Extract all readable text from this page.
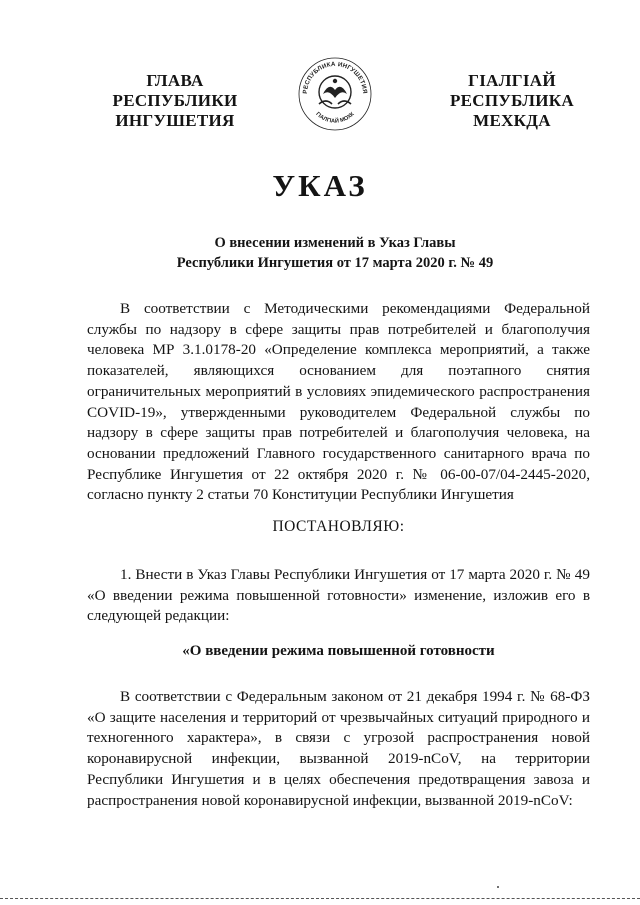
ГЛАВА
РЕСПУБЛИКИ
ИНГУШЕТИЯ
РЕСПУБЛИКА ИНГУШЕТИЯ
ГIАЛГIАЙ МОХК
ГIАЛГIАЙ
РЕСПУБЛИКА
МЕХКДА
УКАЗ
О внесении изменений в Указ Главы
Республики Ингушетия от 17 марта 2020 г. № 49
В соответствии с Методическими рекомендациями Федеральной службы по надзору в сфере защиты прав потребителей и благополучия человека МР 3.1.0178-20 «Определение комплекса мероприятий, а также показателей, являющихся основанием для поэтапного снятия ограничительных мероприятий в условиях эпидемического распространения COVID-19», утвержденными руководителем Федеральной службы по надзору в сфере защиты прав потребителей и благополучия человека, на основании предложений Главного государственного санитарного врача по Республике Ингушетия от 22 октября 2020 г. № 06-00-07/04-2445-2020, согласно пункту 2 статьи 70 Конституции Республики Ингушетия
ПОСТАНОВЛЯЮ:
1. Внести в Указ Главы Республики Ингушетия от 17 марта 2020 г. № 49 «О введении режима повышенной готовности» изменение, изложив его в следующей редакции:
«О введении режима повышенной готовности
В соответствии с Федеральным законом от 21 декабря 1994 г. № 68-ФЗ «О защите населения и территорий от чрезвычайных ситуаций природного и техногенного характера», в связи с угрозой распространения новой коронавирусной инфекции, вызванной 2019-nCoV, на территории Республики Ингушетия и в целях обеспечения предотвращения завоза и распространения новой коронавирусной инфекции, вызванной 2019-nCoV:
